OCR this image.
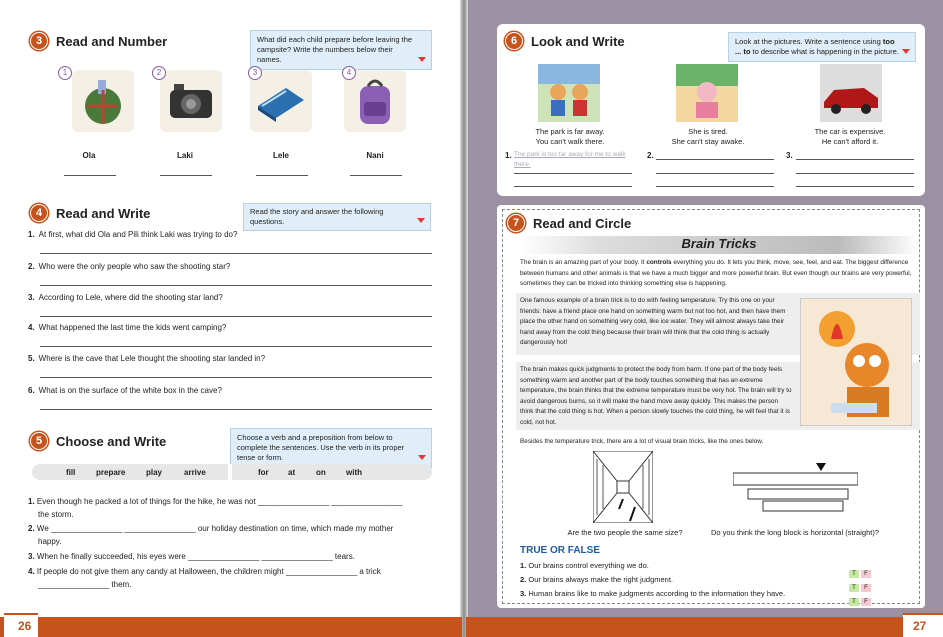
3	Read and Number	What did each child prepare before leaving the campsite? Write the numbers below their names.
1	2	3	4
Ola	Laki	Lele	Nani
4	Read and Write	Read the story and answer the following questions.
1. At first, what did Ola and Pili think Laki was trying to do?
2. Who were the only people who saw the shooting star?
3. According to Lele, where did the shooting star land?
4. What happened the last time the kids went camping?
5. Where is the cave that Lele thought the shooting star landed in?
6. What is on the surface of the white box in the cave?
5	Choose and Write	Choose a verb and a preposition from below to complete the sentences. Use the verb in its proper tense or form.
fill	prepare	play	arrive	for at	on	with
1. Even though he packed a lot of things for the hike, he was not ________________ ________________
the storm.
2. We ________________ ________________ our holiday destination on time, which made my mother
happy.
3. When he finally succeeded, his eyes were ________________ ________________ tears.
4. If people do not give them any candy at Halloween, the children might ________________ a trick
________________ them.
6	Look and Write	Look at the pictures. Write a sentence using too ... to to describe what is happening in the picture.
The park is far away.
You can't walk there.
She is tired.
She can't stay awake.
The car is expensive.
He can't afford it.
1. The park is too far away for me to walk there.
2.	3.
7	Read and Circle
Brain Tricks
The brain is an amazing part of your body. It controls everything you do. It lets you think, move, see, feel, and eat. The biggest difference between humans and other animals is that we have a much bigger and more powerful brain. But even though our brains are very powerful, sometimes they can be tricked into thinking something else is happening.
One famous example of a brain trick is to do with feeling temperature. Try this one on your friends: have a friend place one hand on something warm but not too hot, and then have them place the other hand on something very cold, like ice water. They will almost always take their hand away from the cold thing because their brain will think that the cold thing is actually dangerously hot!
The brain makes quick judgments to protect the body from harm. If one part of the body feels something warm and another part of the body touches something that has an extreme temperature, the brain thinks that the extreme temperature must be very hot. The brain will try to avoid dangerous burns, so it will make the hand move away quickly. This makes the person think that the cold thing is hot. When a person slowly touches the cold thing, he will feel that it is cold, not hot.
Besides the temperature trick, there are a lot of visual brain tricks, like the ones below.
Are the two people the same size?	Do you think the long block is horizontal (straight)?
TRUE OR FALSE
1. Our brains control everything we do.
2. Our brains always make the right judgment.
3. Human brains like to make judgments according to the information they have.
T F
T F
T F
26	27
